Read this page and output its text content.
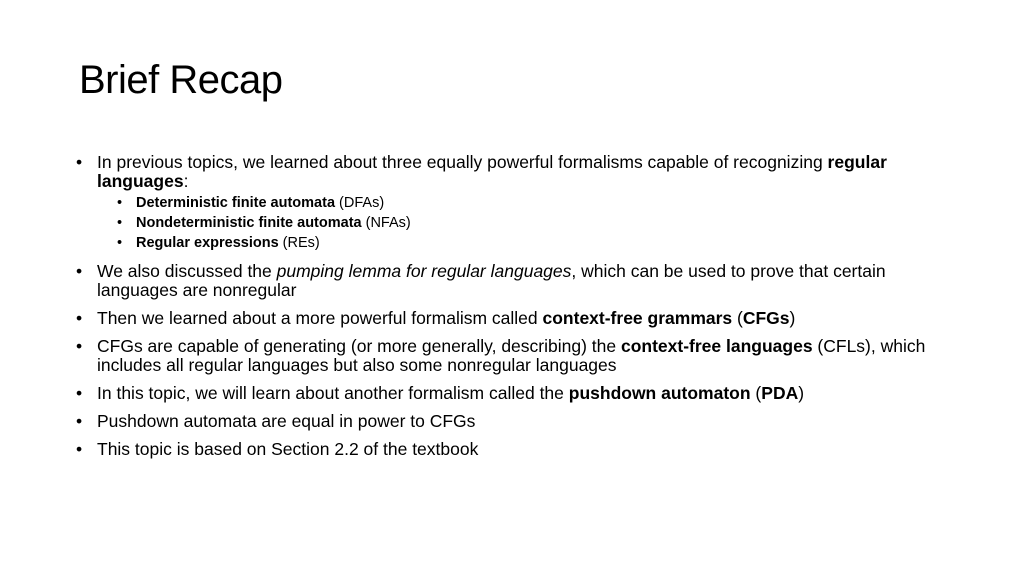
Brief Recap
• In previous topics, we learned about three equally powerful formalisms capable of recognizing regular languages:
• Deterministic finite automata (DFAs)
• Nondeterministic finite automata (NFAs)
• Regular expressions (REs)
• We also discussed the pumping lemma for regular languages, which can be used to prove that certain languages are nonregular
• Then we learned about a more powerful formalism called context-free grammars (CFGs)
• CFGs are capable of generating (or more generally, describing) the context-free languages (CFLs), which includes all regular languages but also some nonregular languages
• In this topic, we will learn about another formalism called the pushdown automaton (PDA)
• Pushdown automata are equal in power to CFGs
• This topic is based on Section 2.2 of the textbook
